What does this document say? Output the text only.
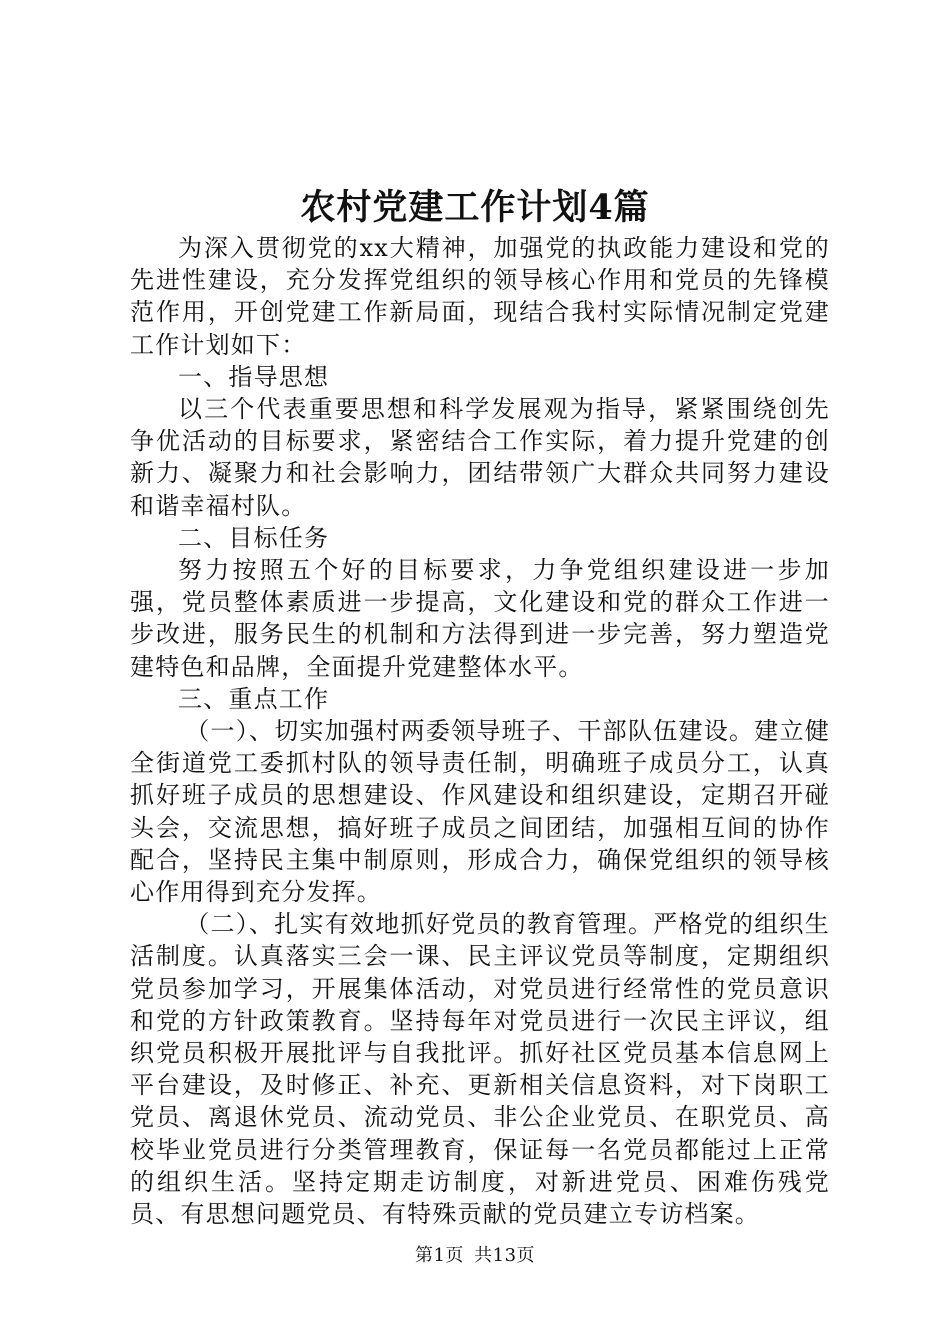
农村党建工作计划4篇

为深入贯彻党的xx大精神，加强党的执政能力建设和党的先进性建设，充分发挥党组织的领导核心作用和党员的先锋模范作用，开创党建工作新局面，现结合我村实际情况制定党建工作计划如下：

一、指导思想

以三个代表重要思想和科学发展观为指导，紧紧围绕创先争优活动的目标要求，紧密结合工作实际，着力提升党建的创新力、凝聚力和社会影响力，团结带领广大群众共同努力建设和谐幸福村队。

二、目标任务

努力按照五个好的目标要求，力争党组织建设进一步加强，党员整体素质进一步提高，文化建设和党的群众工作进一步改进，服务民生的机制和方法得到进一步完善，努力塑造党建特色和品牌，全面提升党建整体水平。

三、重点工作

（一）、切实加强村两委领导班子、干部队伍建设。建立健全街道党工委抓村队的领导责任制，明确班子成员分工，认真抓好班子成员的思想建设、作风建设和组织建设，定期召开碰头会，交流思想，搞好班子成员之间团结，加强相互间的协作配合，坚持民主集中制原则，形成合力，确保党组织的领导核心作用得到充分发挥。

（二）、扎实有效地抓好党员的教育管理。严格党的组织生活制度。认真落实三会一课、民主评议党员等制度，定期组织党员参加学习，开展集体活动，对党员进行经常性的党员意识和党的方针政策教育。坚持每年对党员进行一次民主评议，组织党员积极开展批评与自我批评。抓好社区党员基本信息网上平台建设，及时修正、补充、更新相关信息资料，对下岗职工党员、离退休党员、流动党员、非公企业党员、在职党员、高校毕业党员进行分类管理教育，保证每一名党员都能过上正常的组织生活。坚持定期走访制度，对新进党员、困难伤残党员、有思想问题党员、有特殊贡献的党员建立专访档案。

第1页 共13页
